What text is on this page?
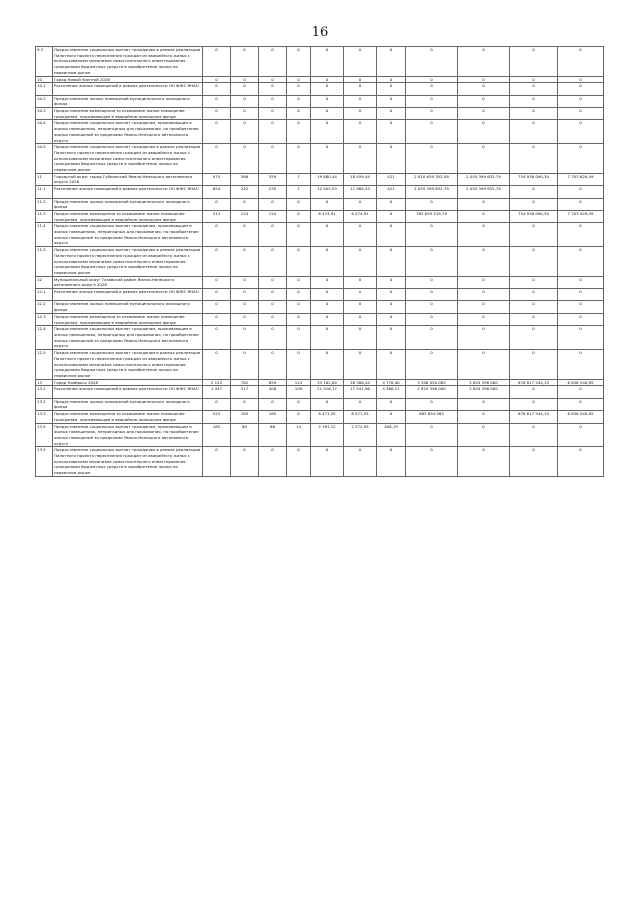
16
9.5	Предоставление социальных выплат гражданам в рамках реализации Пилотного проекта переселения граждан из аварийного жилья с использованием механизма самостоятельного инвестирования гражданами бюджетных средств в приобретение жилья на первичном рынке	0	0	0	0	0	0	0	0	0	0	0
10	Город Новый Уренгой 2028	0	0	0	0	0	0	0	0	0	0	0
10.1	Расселение жилых помещений в рамках деятельности НО ФЖС ЯНАО	0	0	0	0	0	0	0	0	0	0	0
10.2	Предоставление жилых помещений муниципального жилищного фонда	0	0	0	0	0	0	0	0	0	0	0
10.3	Предоставление возмещения за изымаемое жилое помещение гражданам, проживающим в аварийном жилищном фонде	0	0	0	0	0	0	0	0	0	0	0
10.4	Предоставление социальных выплат гражданам, проживающим в жилых помещениях, непригодных для проживания, на приобретение жилых помещений за пределами Ямало-Ненецкого автономного округа	0	0	0	0	0	0	0	0	0	0	0
10.5	Предоставление социальных выплат гражданам в рамках реализации Пилотного проекта переселения граждан из аварийного жилья с использованием механизма самостоятельного инвестирования гражданами бюджетных средств в приобретение жилья на первичном рынке	0	0	0	0	0	0	0	0	0	0	0
11	Городской округ город Губкинский Ямало-Ненецкого автономного округа 2028	975	366	359	7	19 880,44	18 459,44	421	2 810 639 352,58	2 055 399 632,79	754 936 090,30	7 703 629,49
11.1	Расселение жилых помещений в рамках деятельности НО ФЖС ЯНАО	654	242	235	7	12 405,53	11 984,53	421	2 055 399 632,79	2 055 399 632,79	0	0
11.2	Предоставление жилых помещений муниципального жилищного фонда	0	0	0	0	0	0	0	0	0	0	0
11.3	Предоставление возмещения за изымаемое жилое помещение гражданам, проживающим в аварийном жилищном фонде	313	124	124	0	6 474,91	6 474,91	0	762 639 519,79	0	754 936 090,30	7 703 429,49
11.4	Предоставление социальных выплат гражданам, проживающим в жилых помещениях, непригодных для проживания, на приобретение жилых помещений за пределами Ямало-Ненецкого автономного округа	0	0	0	0	0	0	0	0	0	0	0
11.5	Предоставление социальных выплат гражданам в рамках реализации Пилотного проекта переселения граждан из аварийного жилья с использованием механизма самостоятельного инвестирования гражданами бюджетных средств в приобретение жилья на первичном рынке	0	0	0	0	0	0	0	0	0	0	0
12	Муниципальный округ Тазовский район Ямало-Ненецкого автономного округа 2028	0	0	0	0	0	0	0	0	0	0	0
12.1	Расселение жилых помещений в рамках деятельности НО ФЖС ЯНАО	0	0	0	0	0	0	0	0	0	0	0
12.2	Предоставление жилых помещений муниципального жилищного фонда	0	0	0	0	0	0	0	0	0	0	0
12.3	Предоставление возмещения за изымаемое жилое помещение гражданам, проживающим в аварийном жилищном фонде	0	0	0	0	0	0	0	0	0	0	0
12.4	Предоставление социальных выплат гражданам, проживающим в жилых помещениях, непригодных для проживания, на приобретение жилых помещений за пределами Ямало-Ненецкого автономного округа	0	0	0	0	0	0	0	0	0	0	0
12.5	Предоставление социальных выплат гражданам в рамках реализации Пилотного проекта переселения граждан из аварийного жилья с использованием механизма самостоятельного инвестирования гражданами бюджетных средств в приобретение жилья на первичном рынке	0	0	0	0	0	0	0	0	0	0	0
13	Город Ноябрьск 2028	2 152	782	659	123	33 162,84	28 386,44	4 776,40	3 508 050 085	2 824 396 000	676 817 544,15	6 836 540,85
13.1	Расселение жилых помещений в рамках деятельности НО ФЖС ЯНАО	1 447	517	408	109	21 916,17	17 541,96	4 368,21	2 824 396 000	2 824 396 000	0	0
13.2	Предоставление жилых помещений муниципального жилищного фонда	0	0	0	0	0	0	0	0	0	0	0
13.3	Предоставление возмещения за изымаемое жилое помещение гражданам, проживающим в аварийном жилищном фонде	523	185	185	0	8 471,55	8 471,55	0	683 654 085	0	676 817 544,15	6 836 540,85
13.4	Предоставление социальных выплат гражданам, проживающим в жилых помещениях, непригодных для проживания, на приобретение жилых помещений за пределами Ямало-Ненецкого автономного округа	182	80	66	14	2 781,12	2 372,93	408,19	0	0	0	0
13.5	Предоставление социальных выплат гражданам в рамках реализации Пилотного проекта переселения граждан из аварийного жилья с использованием механизма самостоятельного инвестирования гражданами бюджетных средств в приобретение жилья на первичном рынке	0	0	0	0	0	0	0	0	0	0	0
